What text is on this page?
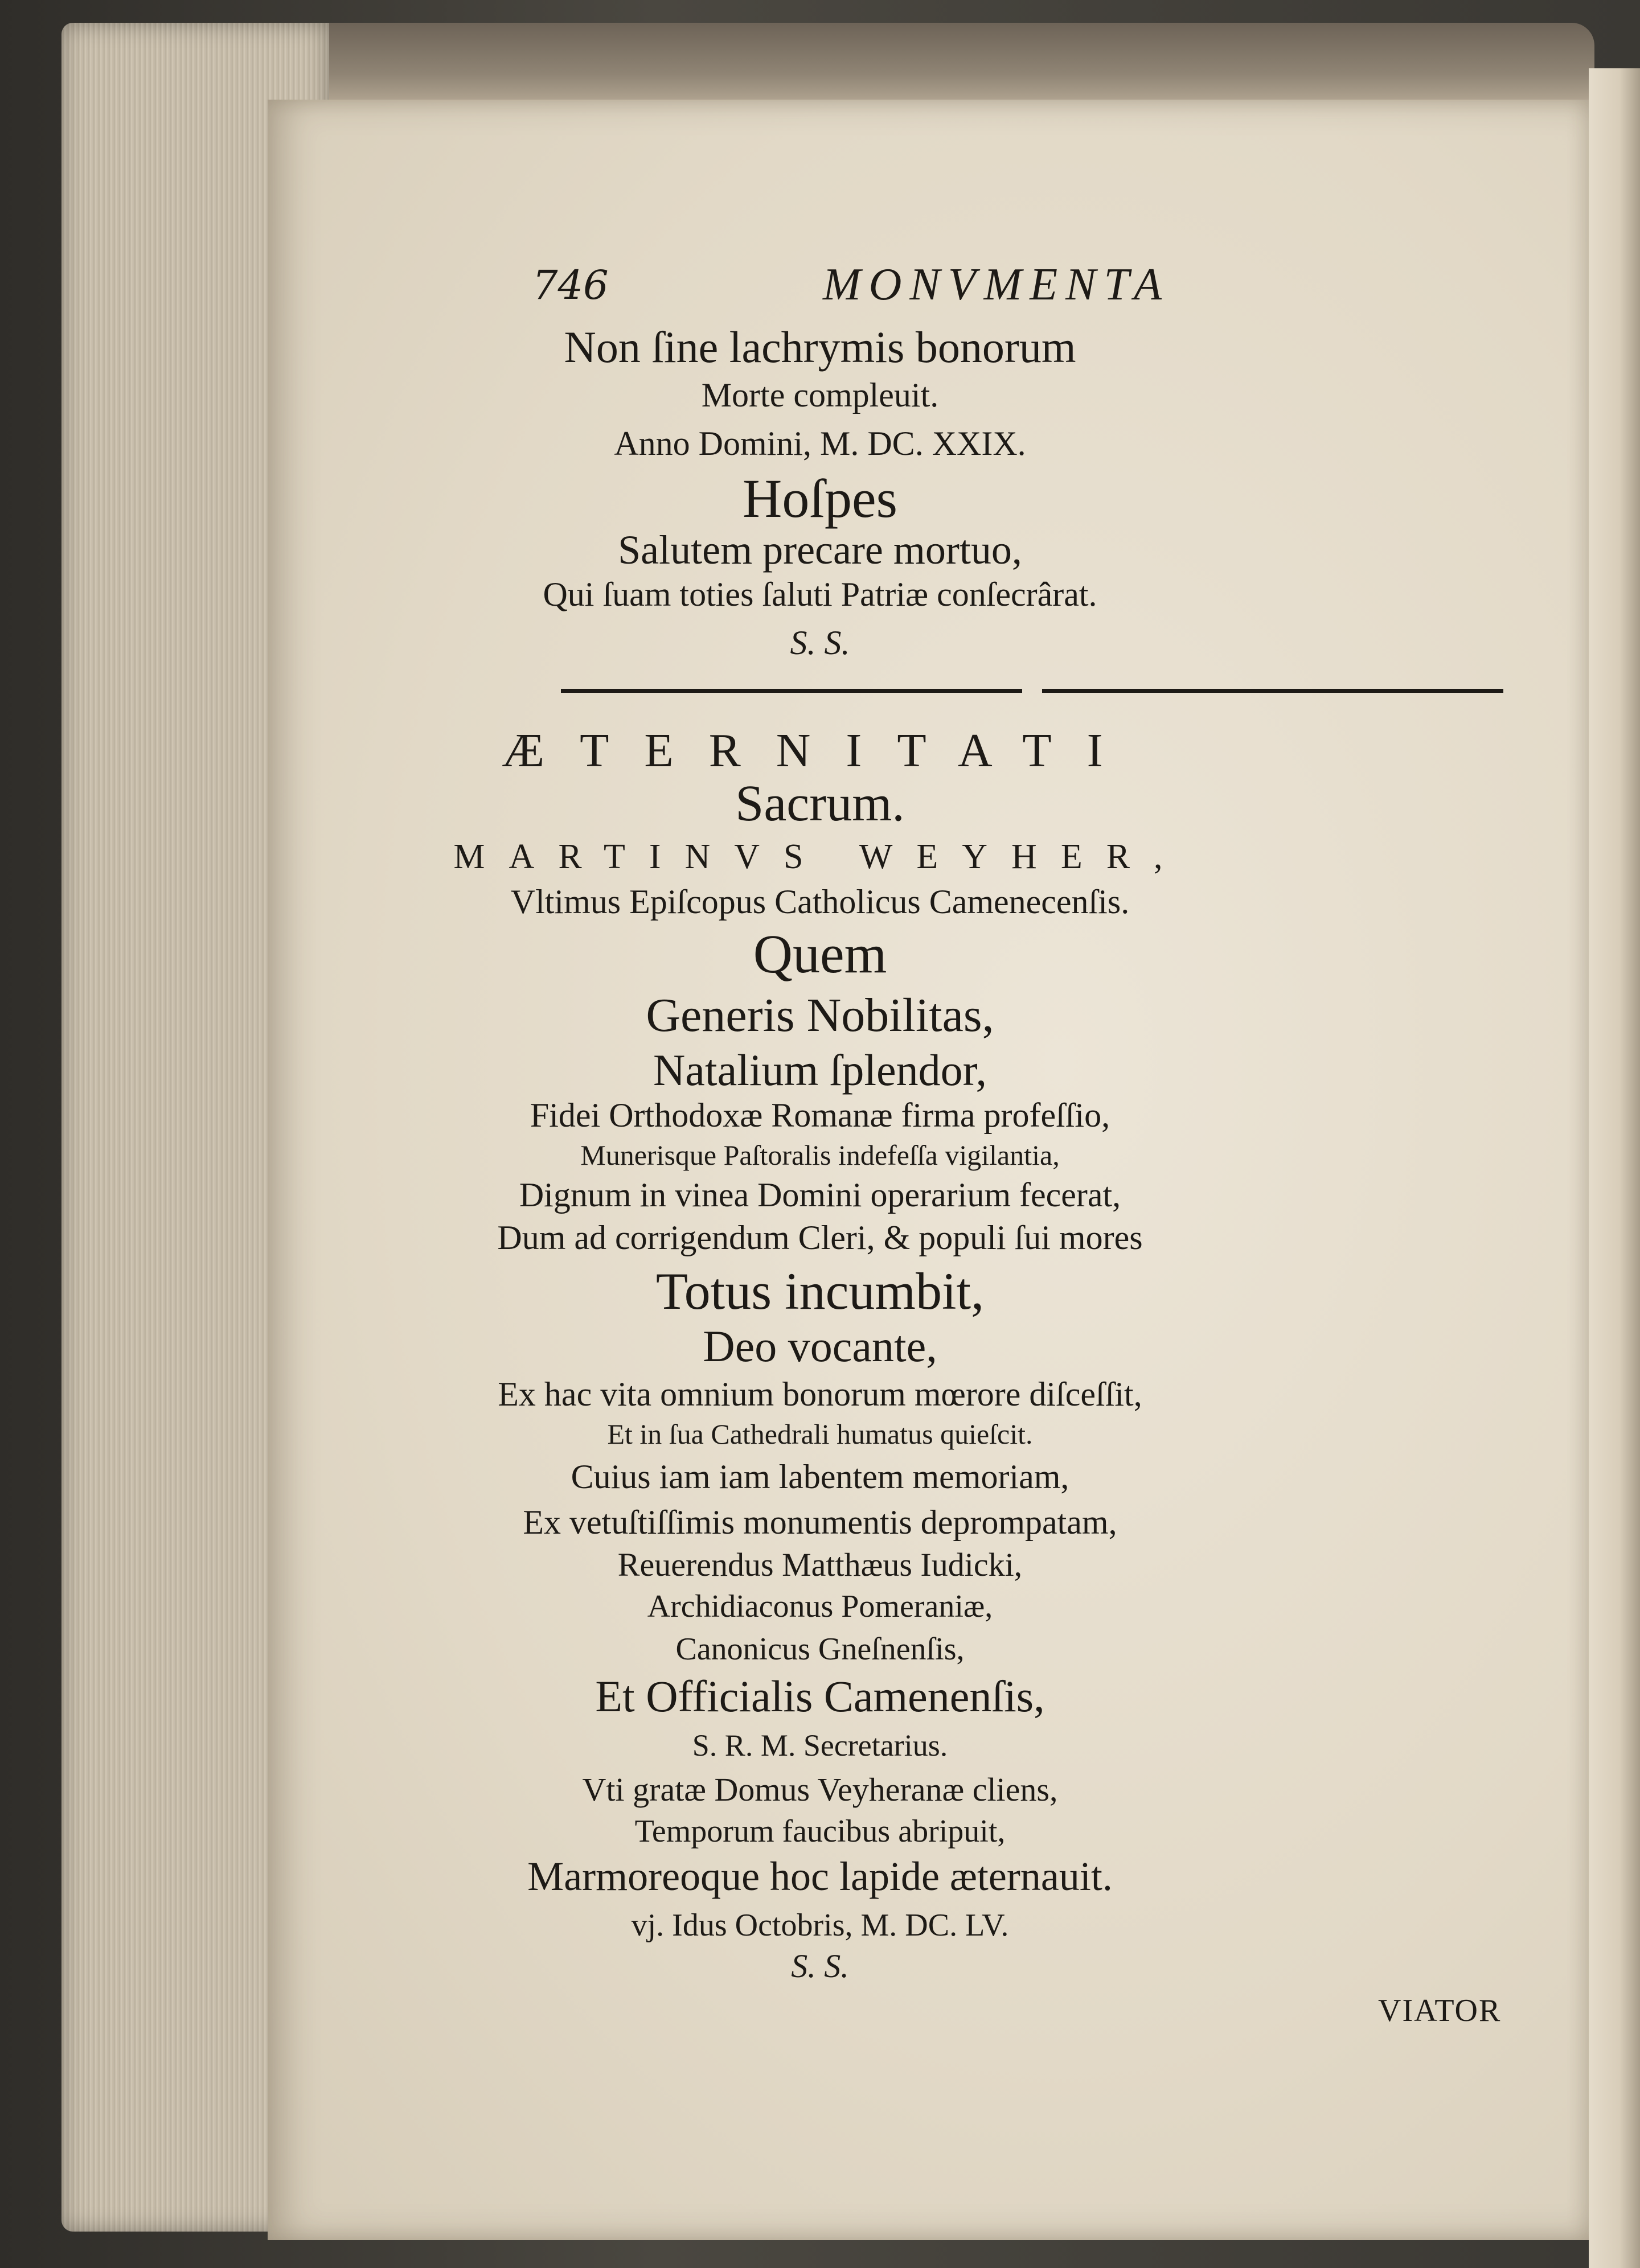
746	MONVMENTA
Non ſine lachrymis bonorum
Morte compleuit.
Anno Domini, M. DC. XXIX.
Hoſpes
Salutem precare mortuo,
Qui ſuam toties ſaluti Patriæ conſecrârat.
S. S.
ÆTERNITATI
Sacrum.
MARTINVS WEYHER,
Vltimus Epiſcopus Catholicus Camenecenſis.
Quem
Generis Nobilitas,
Natalium ſplendor,
Fidei Orthodoxæ Romanæ firma profeſſio,
Munerisque Paſtoralis indefeſſa vigilantia,
Dignum in vinea Domini operarium fecerat,
Dum ad corrigendum Cleri, & populi ſui mores
Totus incumbit,
Deo vocante,
Ex hac vita omnium bonorum mœrore diſceſſit,
Et in ſua Cathedrali humatus quieſcit.
Cuius iam iam labentem memoriam,
Ex vetuſtiſſimis monumentis deprompatam,
Reuerendus Matthæus Iudicki,
Archidiaconus Pomeraniæ,
Canonicus Gneſnenſis,
Et Officialis Camenenſis,
S. R. M. Secretarius.
Vti gratæ Domus Veyheranæ cliens,
Temporum faucibus abripuit,
Marmoreoque hoc lapide æternauit.
vj. Idus Octobris, M. DC. LV.
S. S.
VIATOR
